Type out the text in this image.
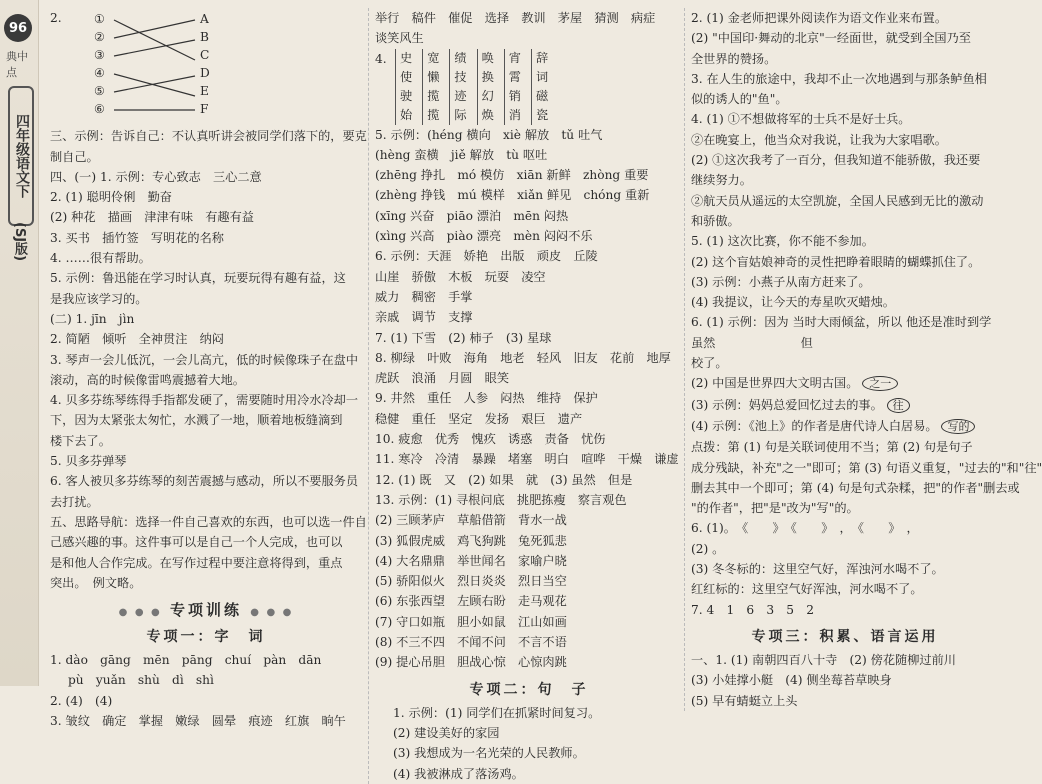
96
典中点
四年级语文下
(SJ版)
2.	①
②
③
④
⑤
⑥
A
B
C
D
E
F
三、示例：告诉自己：不认真听讲会被同学们落下的，要克
制自己。
四、(一) 1. 示例：专心致志　三心二意
2. (1) 聪明伶俐　勤奋
(2) 种花　描画　津津有味　有趣有益
3. 买书　插竹签　写明花的名称
4. ……很有帮助。
5. 示例：鲁迅能在学习时认真，玩要玩得有趣有益，这
是我应该学习的。
(二) 1. jīn　jìn
2. 简陋　倾听　全神贯注　纳闷
3. 琴声一会儿低沉，一会儿高亢，低的时候像珠子在盘中
滚动，高的时候像雷鸣震撼着大地。
4. 贝多芬练琴练得手指都发硬了，需要随时用冷水冷却一
下，因为太紧张太匆忙，水溅了一地，顺着地板缝滴到
楼下去了。
5. 贝多芬弹琴
6. 客人被贝多芬练琴的刻苦震撼与感动，所以不要服务员
去打扰。
五、思路导航：选择一件自己喜欢的东西，也可以选一件自
己感兴趣的事。这件事可以是自己一个人完成，也可以
是和他人合作完成。在写作过程中要注意将得到，重点
突出。　例文略。
● ● ● 专项训练 ● ● ●
专项一：字　词
1. dào　gāng　mēn　pāng　chuí　pàn　dān
pù　yuǎn　shù　dì　shì
2. (4)　(4)
3. 皱纹　确定　掌握　嫩绿　圆晕　痕迹　红旗　晌午
举行　稿件　催促　选择　教训　茅屋　猜测　病症
谈笑风生
4.	史
使
驶
始
宽
懒
揽
揽
绩
技
迹
际
唤
换
幻
焕
宵
霄
销
消
辞
词
磁
瓷
5. 示例：(héng 横向　xiè 解放　tǔ 吐气
(hèng 蛮横　jiě 解放　tù 呕吐
(zhēng 挣扎　mó 模仿　xiān 新鲜　zhòng 重要
(zhèng 挣钱　mú 模样　xiǎn 鲜见　chóng 重新
(xīng 兴奋　piāo 漂泊　mēn 闷热
(xìng 兴高　piào 漂亮　mèn 闷闷不乐
6. 示例：天涯　娇艳　出版　顽皮　丘陵
山崖　骄傲　木板　玩耍　凌空
威力　稠密　手掌
亲戚　调节　支撑
7. (1) 下雪　(2) 柿子　(3) 星球
8. 柳绿　叶败　海角　地老　轻风　旧友　花前　地厚
虎跃　浪涌　月圆　眼笑
9. 井然　重任　人参　闷热　维持　保护
稳健　重任　坚定　发扬　艰巨　遗产
10. 疲愈　优秀　愧疚　诱惑　责备　忧伤
11. 寒冷　冷清　暴躁　堵塞　明白　喧哗　干燥　谦虚
12. (1) 既　又　(2) 如果　就　(3) 虽然　但是
13. 示例：(1) 寻根问底　挑肥拣瘦　察言观色
(2) 三顾茅庐　草船借箭　背水一战
(3) 狐假虎威　鸡飞狗跳　兔死狐悲
(4) 大名鼎鼎　举世闻名　家喻户晓
(5) 骄阳似火　烈日炎炎　烈日当空
(6) 东张西望　左顾右盼　走马观花
(7) 守口如瓶　胆小如鼠　江山如画
(8) 不三不四　不闻不问　不言不语
(9) 提心吊胆　胆战心惊　心惊肉跳
专项二：句　子
1. 示例：(1) 同学们在抓紧时间复习。
(2) 建设美好的家园
(3) 我想成为一名光荣的人民教师。
(4) 我被淋成了落汤鸡。
2. (1) 金老师把课外阅读作为语文作业来布置。
(2) "中国印·舞动的北京"一经面世，就受到全国乃至
全世界的赞扬。
3. 在人生的旅途中，我却不止一次地遇到与那条鲈鱼相
似的诱人的"鱼"。
4. (1) ①不想做将军的士兵不是好士兵。
②在晚宴上，他当众对我说，让我为大家唱歌。
(2) ①这次我考了一百分，但我知道不能骄傲，我还要
继续努力。
②航天员从遥远的太空凯旋，全国人民感到无比的激动
和骄傲。
5. (1) 这次比赛，你不能不参加。
(2) 这个盲姑娘神奇的灵性把睁着眼睛的蝴蝶抓住了。
(3) 示例：小燕子从南方赶来了。
(4) 我提议，让今天的寿星吹灭蜡烛。
6. (1) 示例：因为 当时大雨倾盆，所以 他还是准时到学
虽然　　　　　　　但
校了。
(2) 中国是世界四大文明古国。 之一
(3) 示例：妈妈总爱回忆过去的事。 往
(4) 示例：《池上》的作者是唐代诗人白居易。 写的
点拨：第 (1) 句是关联词使用不当；第 (2) 句是句子
成分残缺，补充"之一"即可；第 (3) 句语义重复，"过去的"和"往"
删去其中一个即可；第 (4) 句是句式杂糅，把"的作者"删去或
"的作者"，把"是"改为"写"的。
6. (1)。　《　　》　《　　》　，　《　　》　，
(2) 。
(3) 冬冬标的：这里空气好，浑浊河水喝不了。
红红标的：这里空气好浑浊，河水喝不了。
7. 4　1　6　3　5　2
专项三：积累、语言运用
一、1. (1) 南朝四百八十寺　(2) 傍花随柳过前川
(3) 小娃撑小艇　(4) 侧坐莓苔草映身
(5) 早有蜻蜓立上头
